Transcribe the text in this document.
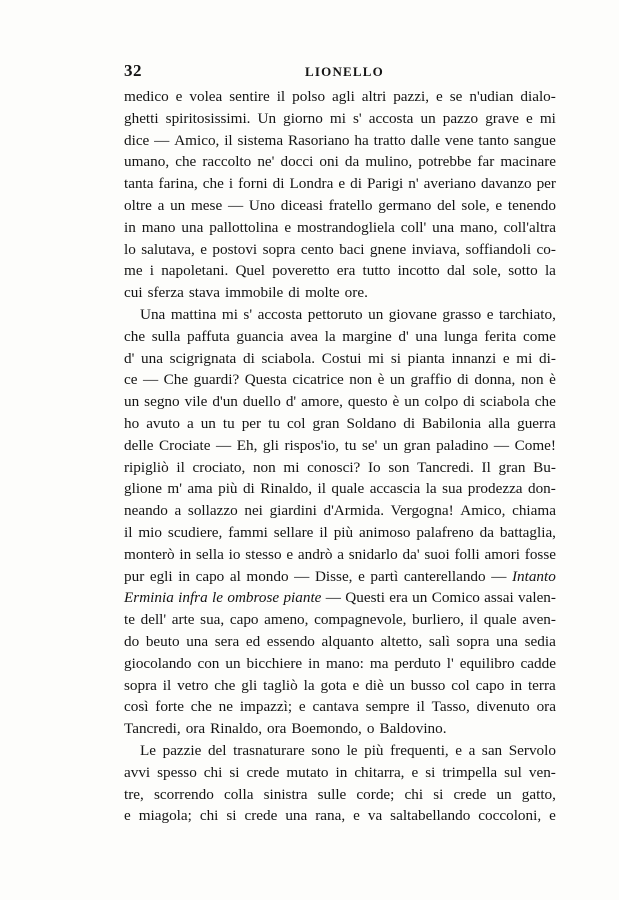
32	LIONELLO
medico e volea sentire il polso agli altri pazzi, e se n'udian dialo-
ghetti spiritosissimi. Un giorno mi s' accosta un pazzo grave e mi
dice — Amico, il sistema Rasoriano ha tratto dalle vene tanto sangue
umano, che raccolto ne' docci oni da mulino, potrebbe far macinare
tanta farina, che i forni di Londra e di Parigi n' averiano davanzo per
oltre a un mese — Uno diceasi fratello germano del sole, e tenendo
in mano una pallottolina e mostrandogliela coll' una mano, coll'altra
lo salutava, e postovi sopra cento baci gnene inviava, soffiandoli co-
me i napoletani. Quel poveretto era tutto incotto dal sole, sotto la
cui sferza stava immobile di molte ore.
Una mattina mi s' accosta pettoruto un giovane grasso e tarchiato,
che sulla paffuta guancia avea la margine d' una lunga ferita come
d' una scigrignata di sciabola. Costui mi si pianta innanzi e mi di-
ce — Che guardi? Questa cicatrice non è un graffio di donna, non è
un segno vile d'un duello d' amore, questo è un colpo di sciabola che
ho avuto a un tu per tu col gran Soldano di Babilonia alla guerra
delle Crociate — Eh, gli rispos'io, tu se' un gran paladino — Come!
ripigliò il crociato, non mi conosci? Io son Tancredi. Il gran Bu-
glione m' ama più di Rinaldo, il quale accascia la sua prodezza don-
neando a sollazzo nei giardini d'Armida. Vergogna! Amico, chiama
il mio scudiere, fammi sellare il più animoso palafreno da battaglia,
monterò in sella io stesso e andrò a snidarlo da' suoi folli amori fosse
pur egli in capo al mondo — Disse, e partì canterellando — Intanto
Erminia infra le ombrose piante — Questi era un Comico assai valen-
te dell' arte sua, capo ameno, compagnevole, burliero, il quale aven-
do beuto una sera ed essendo alquanto altetto, salì sopra una sedia
giocolando con un bicchiere in mano: ma perduto l' equilibro cadde
sopra il vetro che gli tagliò la gota e diè un busso col capo in terra
così forte che ne impazzì; e cantava sempre il Tasso, divenuto ora
Tancredi, ora Rinaldo, ora Boemondo, o Baldovino.
Le pazzie del trasnaturare sono le più frequenti, e a san Servolo
avvi spesso chi si crede mutato in chitarra, e si trimpella sul ven-
tre, scorrendo colla sinistra sulle corde; chi si crede un gatto,
e miagola; chi si crede una rana, e va saltabellando coccoloni, e
